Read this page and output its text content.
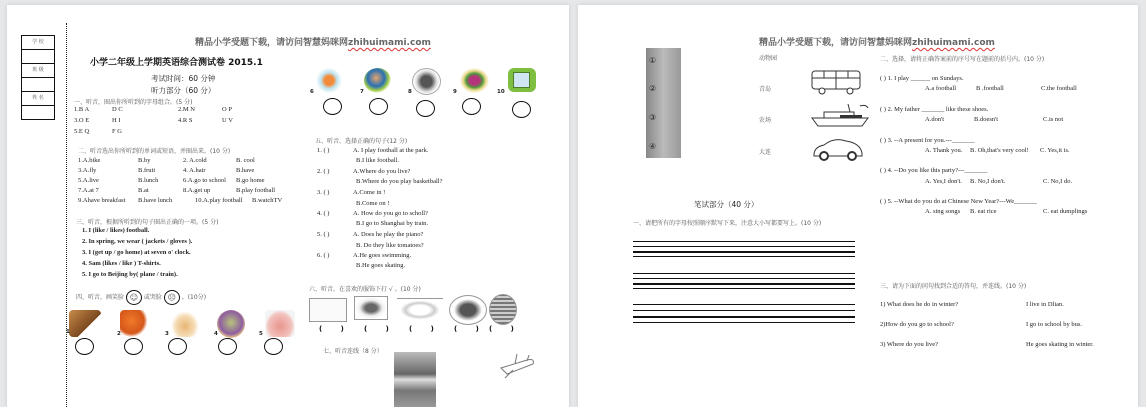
学 校
班 级
姓 名
精品小学受题下载，请访问智慧妈咪网zhihuimami.com
小学二年级上学期英语综合测试卷 2015.1
考试时间：60 分钟
听力部分（60 分）
一、听音，圈出你所听到的字母组合。(5 分)
1.B A	D C	2.M N	O P
3.O E	H I	4.R S	U V
5.E Q	F G
二、听音选出你所听到的单词或短语，并圈出来。(10 分)
1.A.bike	B.by	2. A.cold	B. cool
3.A.fly	B.fruit	4. A.hair	B.have
5.A.live	B.lunch	6.A.go to school B.go home
7.A.at 7	B.at	8.A.get up	B.play football
9.Ahave breakfast B.have lunch	10.A.play football B.watchTV
三、听音，根据所听到的句子圈出正确的一项。(5 分)
1. I (like / likes) football.
2. In spring, we wear ( jackets / gloves ).
3. I (get up / go home) at seven o' clock.
4. Sam (likes / like ) T-shirts.
5. I go to Beijing by( plane / train).
四、听音，画笑脸 ☺ 或哭脸 ☹ 。(10分)
1	2	3	4	5
6	7	8	9	10
五、听音，选择正确的句子(12 分)
1. ( )	A. I play football at the park.
B.I like football.
2. ( )	A.Where do you live?
B.Where do you play basketball?
3. ( )	A.Come in !
B.Come on !
4. ( )	A. How do you go to scholl?
B.I go to Shanghai by train.
5. ( )	A. Does he play the piano?
B. Do they like tomatoes?
6. ( )	A.He goes swimming.
B.He goes skating.
六、听音，在喜欢的服饰下打 √ 。(10 分)
( ) ( ) ( ) ( ) ( )
七、听音连线（8 分）
精品小学受题下载，请访问智慧妈咪网zhihuimami.com
①
②
③
④
动物园
青岛
农场
大连
笔试部分（40 分）
一、请把所有的字母按照顺序默写下来，注意大小写都要写上。(10 分)
二、选择，请将正确答案前的序号写在题前的括号内。(10 分)
( ) 1. I play ______ on Sundays.
A.a football	B .football	C.the football
( ) 2. My father _______ like these shoes.
A.don't	B.doesn't	C.is not
( ) 3. --A present for you.---_______
A. Thank you. B. Oh,that's very cool! C. Yes,it is.
( ) 4. --Do you like this party?---_______
A. Yes,I don't. B. No,I don't.	C. No,I do.
( ) 5. --What do you do at Chinese New Year?---We_______
A. sing songs B. eat rice	C. eat dumplings
三、请为下面的问句找到合适的答句，并连线。(10 分)
1) What does he do in winter?
2)How do you go to school?
3) Where do you live?
I live in Dlian.
I go to school by bus.
He goes skating in winter.
